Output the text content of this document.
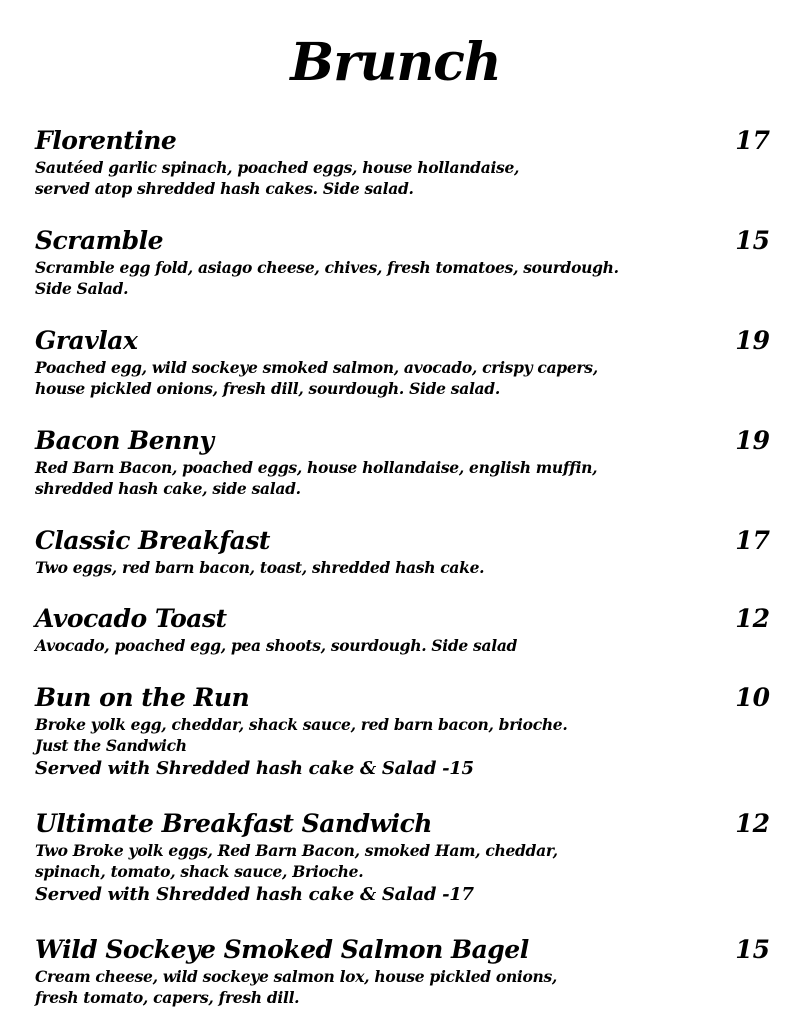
Brunch
Florentine	17
Sautéed garlic spinach, poached eggs, house hollandaise,
served atop shredded hash cakes. Side salad.
Scramble	15
Scramble egg fold, asiago cheese, chives, fresh tomatoes, sourdough.
Side Salad.
Gravlax	19
Poached egg, wild sockeye smoked salmon, avocado, crispy capers,
house pickled onions, fresh dill, sourdough. Side salad.
Bacon Benny	19
Red Barn Bacon, poached eggs, house hollandaise, english muffin,
shredded hash cake, side salad.
Classic Breakfast	17
Two eggs, red barn bacon, toast, shredded hash cake.
Avocado Toast	12
Avocado, poached egg, pea shoots, sourdough. Side salad
Bun on the Run	10
Broke yolk egg, cheddar, shack sauce, red barn bacon, brioche.
Just the Sandwich
Served with Shredded hash cake & Salad -15
Ultimate Breakfast Sandwich	12
Two Broke yolk eggs, Red Barn Bacon, smoked Ham, cheddar,
spinach, tomato, shack sauce, Brioche.
Served with Shredded hash cake & Salad -17
Wild Sockeye Smoked Salmon Bagel	15
Cream cheese, wild sockeye salmon lox, house pickled onions,
fresh tomato, capers, fresh dill.
